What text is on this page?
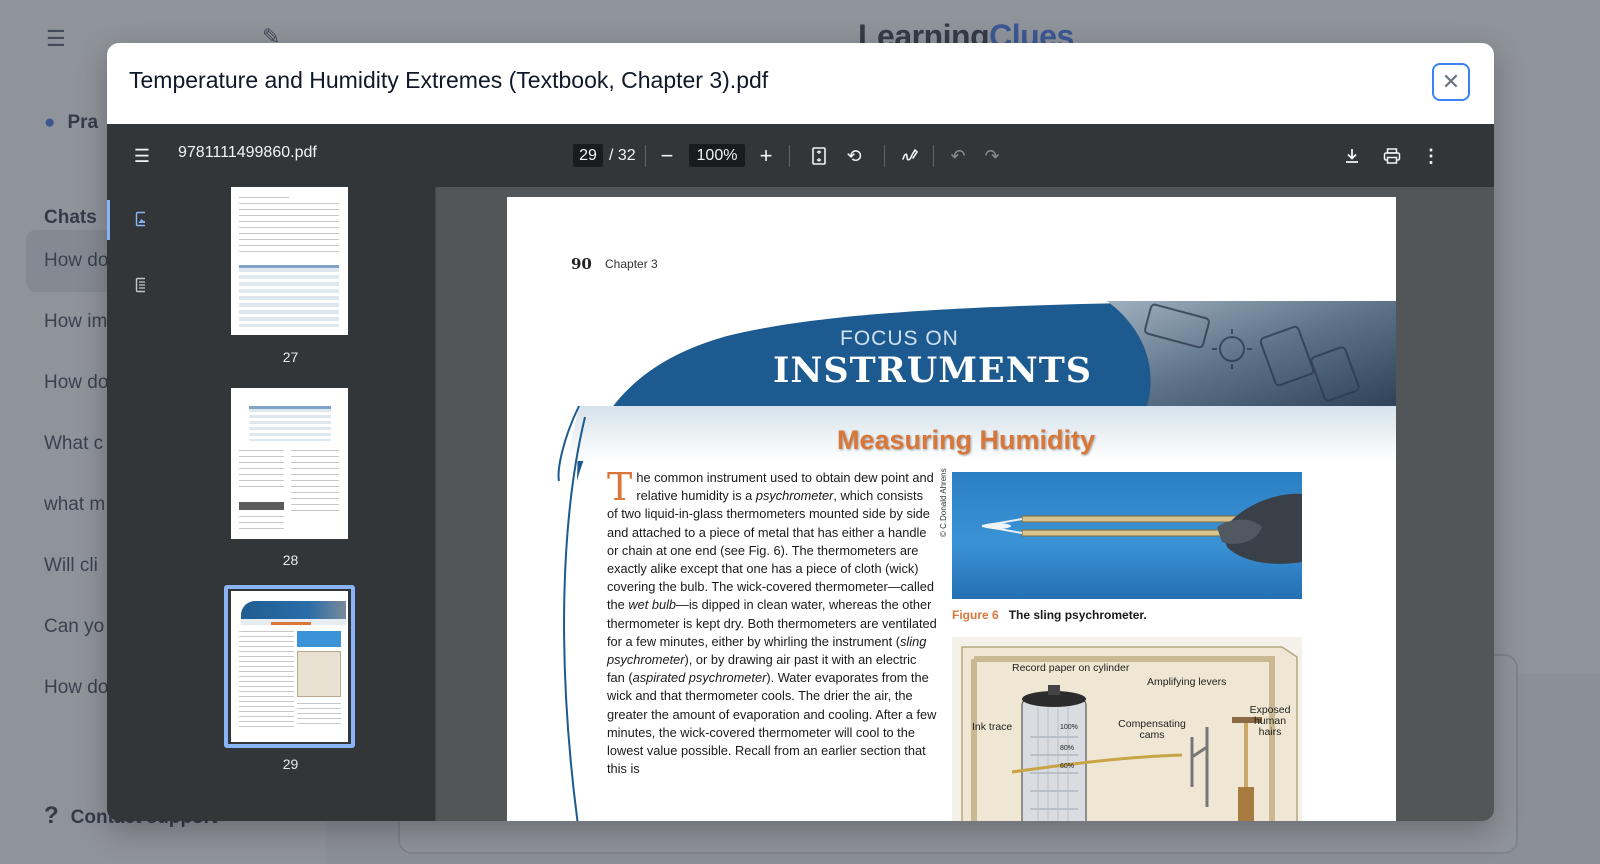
Temperature and Humidity Extremes (Textbook, Chapter 3).pdf	✕
☰	9781111499860.pdf	29 / 32	−	100%	+	⟲	↶	↷	⋮
27
28
29
90 Chapter 3
FOCUS ON
INSTRUMENTS
Measuring Humidity
The common instrument used to obtain dew point and relative humidity is a psychrometer, which consists of two liquid-in-glass thermometers mounted side by side and attached to a piece of metal that has either a handle or chain at one end (see Fig. 6). The thermometers are exactly alike except that one has a piece of cloth (wick) covering the bulb. The wick-covered thermometer—called the wet bulb—is dipped in clean water, whereas the other thermometer is kept dry. Both thermometers are ventilated for a few minutes, either by whirling the instrument (sling psychrometer), or by drawing air past it with an electric fan (aspirated psychrometer). Water evaporates from the wick and that thermometer cools. The drier the air, the greater the amount of evaporation and cooling. After a few minutes, the wick-covered thermometer will cool to the lowest value possible. Recall from an earlier section that this is
© C.Donald Ahrens
Figure 6 The sling psychrometer.
Record paper on cylinder
Amplifying levers
Exposed human hairs
Ink trace	Compensating cams
100%
80%
60%
